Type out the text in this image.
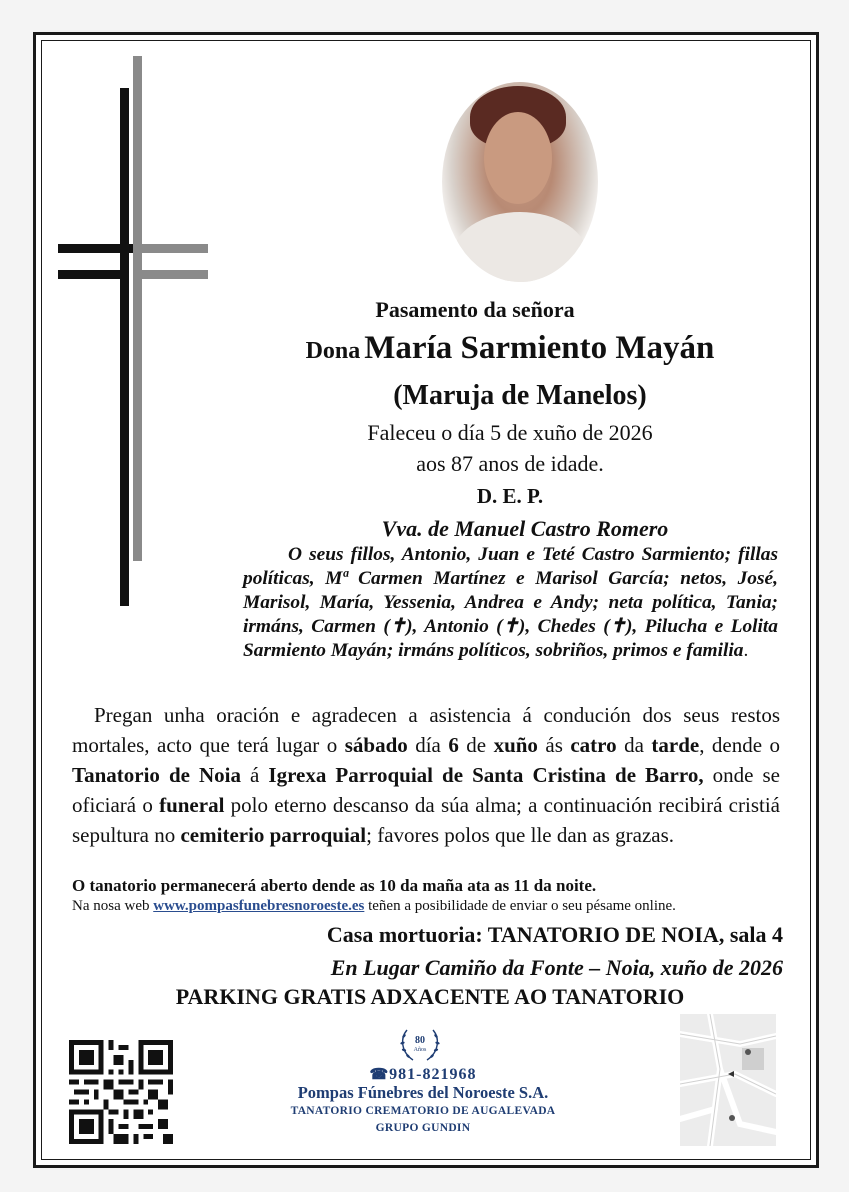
Pasamento da señora
Dona María Sarmiento Mayán
(Maruja de Manelos)
Faleceu o día 5 de xuño de 2026
aos 87 anos de idade.
D. E. P.
Vva. de Manuel Castro Romero
O seus fillos, Antonio, Juan e Teté Castro Sarmiento; fillas políticas, Mª Carmen Martínez e Marisol García; netos, José, Marisol, María, Yessenia, Andrea e Andy; neta política, Tania; irmáns, Carmen (✝), Antonio (✝), Chedes (✝), Pilucha e Lolita Sarmiento Mayán; irmáns políticos, sobriños, primos e familia.
Pregan unha oración e agradecen a asistencia á condución dos seus restos mortales, acto que terá lugar o sábado día 6 de xuño ás catro da tarde, dende o Tanatorio de Noia á Igrexa Parroquial de Santa Cristina de Barro, onde se oficiará o funeral polo eterno descanso da súa alma; a continuación recibirá cristiá sepultura no cemiterio parroquial; favores polos que lle dan as grazas.
O tanatorio permanecerá aberto dende as 10 da maña ata as 11 da noite.
Na nosa web www.pompasfunebresnoroeste.es teñen a posibilidade de enviar o seu pésame online.
Casa mortuoria: TANATORIO DE NOIA, sala 4
En Lugar Camiño da Fonte – Noia, xuño de 2026
PARKING GRATIS ADXACENTE AO TANATORIO
80
Años
☎981-821968
Pompas Fúnebres del Noroeste S.A.
TANATORIO CREMATORIO DE AUGALEVADA
GRUPO GUNDIN
